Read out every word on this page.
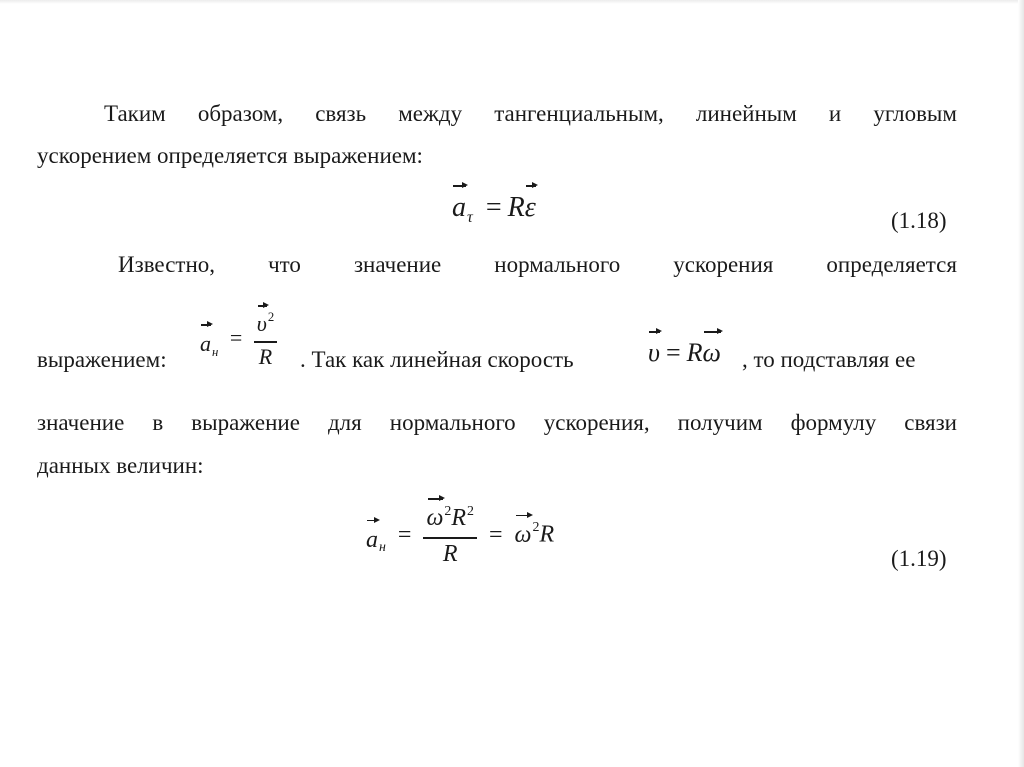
Таким образом, связь между тангенциальным, линейным и угловым
ускорением определяется выражением:
$a_\tau = R\varepsilon$	(1.18)
Известно, что значение нормального ускорения определяется
выражением:
$a_н = \frac{\upsilon^2}{R}$ . Так как линейная скорость	υ = Rω , то подставляя ее
значение в выражение для нормального ускорения, получим формулу связи
данных величин:
$a_н = \frac{\omega^2R^2}{R} = \omega^2R$
(1.19)
